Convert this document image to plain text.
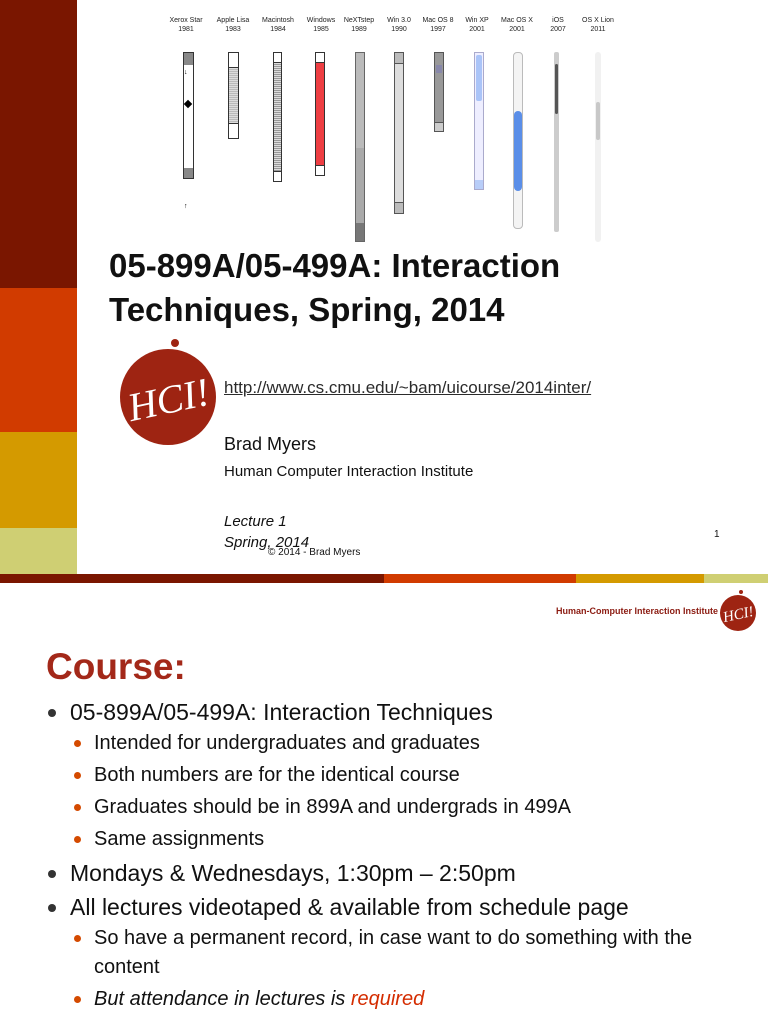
Xerox Star
1981
Apple Lisa
1983
Macintosh
1984
Windows
1985
NeXTstep
1989
Win 3.0
1990
Mac OS 8
1997
Win XP
2001
Mac OS X
2001
iOS
2007
OS X Lion
2011
↓
↑
05-899A/05-499A: Interaction
Techniques, Spring, 2014
HCI! http://www.cs.cmu.edu/~bam/uicourse/2014inter/
Brad Myers
Human Computer Interaction Institute
Lecture 1
Spring, 2014
© 2014 - Brad Myers
1
Human-Computer Interaction Institute HCI!
Course:
05-899A/05-499A: Interaction Techniques
Intended for undergraduates and graduates
Both numbers are for the identical course
Graduates should be in 899A and undergrads in 499A
Same assignments
Mondays & Wednesdays, 1:30pm – 2:50pm
All lectures videotaped & available from schedule page
So have a permanent record, in case want to do something with the content
But attendance in lectures is required
